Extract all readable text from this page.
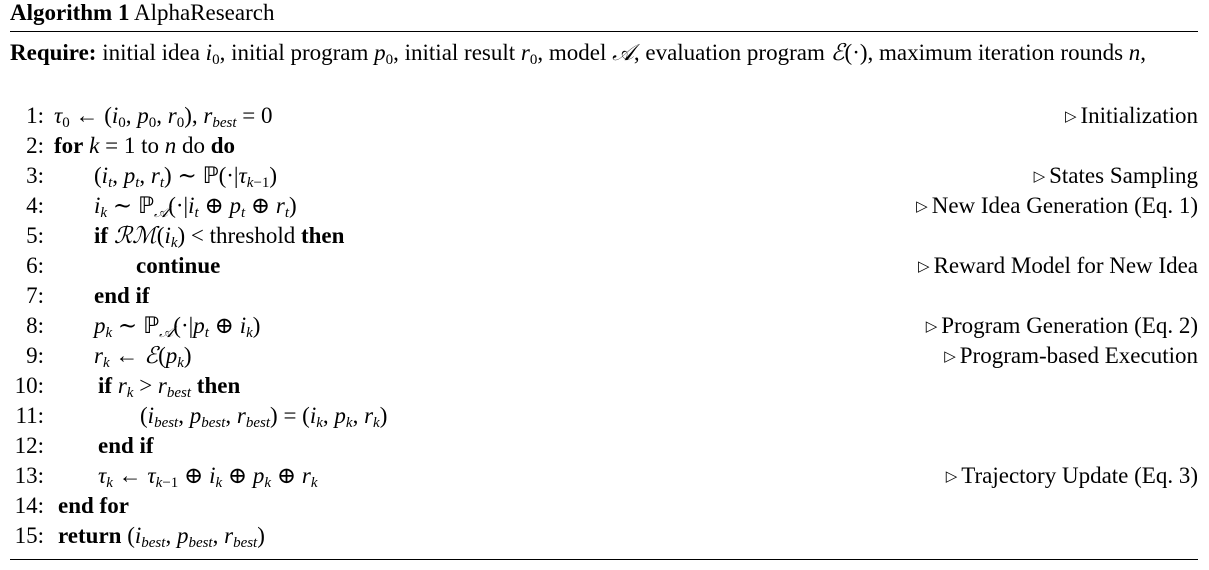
Algorithm 1 AlphaResearch
Require: initial idea $i_0$, initial program $p_0$, initial result $r_0$, model 𝒜, evaluation program ℰ(·), maximum iteration rounds n,
1: $\tau_0$ ← ($i_0$, $p_0$, $r_0$), $r_{best} = 0$	▷ Initialization
2: for k = 1 to n do do
3: ($i_t$, $p_t$, $r_t$) ∼ $ℙ(\cdot|\tau_{k-1})$	▷ States Sampling
4: $i_k$ ∼ $ℙ_𝒜(\cdot|i_t$ ⊕ $p_t$ ⊕ $r_t$)	▷ New Idea Generation (Eq. 1)
5: if $ℛℳ(i_k)$ < threshold then
6:	continue	▷ Reward Model for New Idea
7: end if
8: $p_k$ ∼ $ℙ_𝒜(\cdot|p_t$ ⊕ $i_k$)	▷ Program Generation (Eq. 2)
9: $r_k$ ← $ℰ(p_k)$	▷ Program-based Execution
10: if $r_k > r_{best}$ then
11:	($i_{best}$, $p_{best}$, $r_{best}) = (i_k$, $p_k$, $r_k$)
12: end if
13: $\tau_k$ ← $\tau_{k-1}$ ⊕ $i_k$ ⊕ $p_k$ ⊕ $r_k$	▷ Trajectory Update (Eq. 3)
14: end for
15: return ($i_{best}$, $p_{best}$, $r_{best}$)
